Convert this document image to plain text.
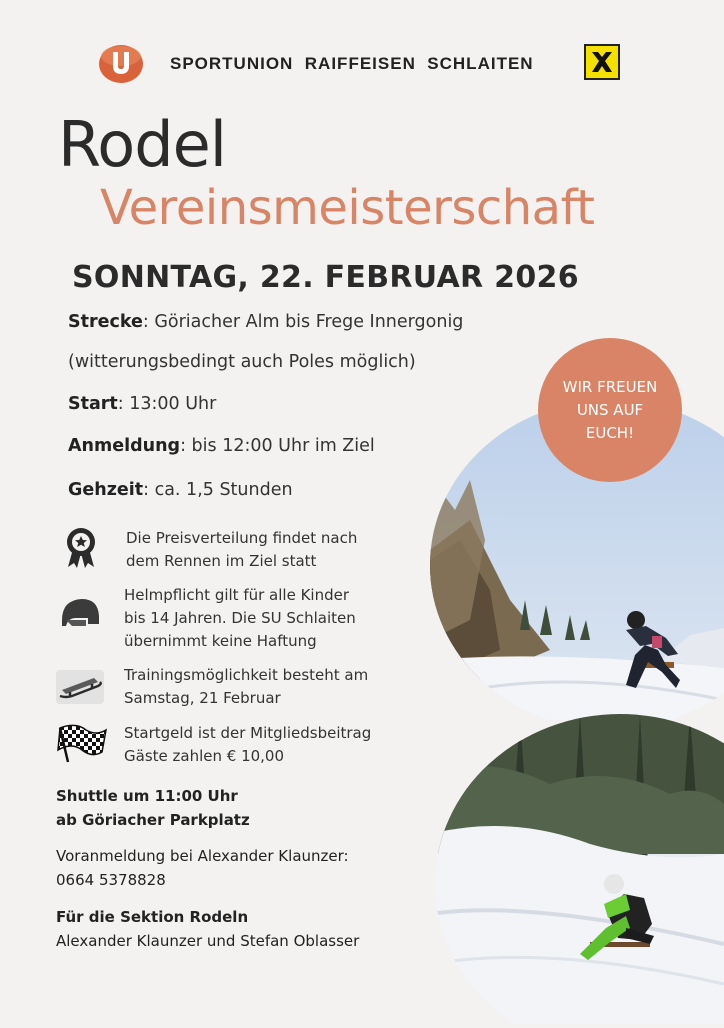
SPORTUNION  RAIFFEISEN  SCHLAITEN
Rodel
Vereinsmeisterschaft
SONNTAG, 22. FEBRUAR 2026
Strecke: Göriacher Alm bis Frege Innergonig
(witterungsbedingt auch Poles möglich)
Start: 13:00 Uhr
Anmeldung: bis 12:00 Uhr im Ziel
Gehzeit: ca. 1,5 Stunden
WIR FREUEN
UNS AUF
EUCH!
Die Preisverteilung findet nach
dem Rennen im Ziel statt
Helmpflicht gilt für alle Kinder
bis 14 Jahren. Die SU Schlaiten
übernimmt keine Haftung
Trainingsmöglichkeit besteht am
Samstag, 21 Februar
Startgeld ist der Mitgliedsbeitrag
Gäste zahlen € 10,00
Shuttle um 11:00 Uhr
ab Göriacher Parkplatz
Voranmeldung bei Alexander Klaunzer:
0664 5378828
Für die Sektion Rodeln
Alexander Klaunzer und Stefan Oblasser
